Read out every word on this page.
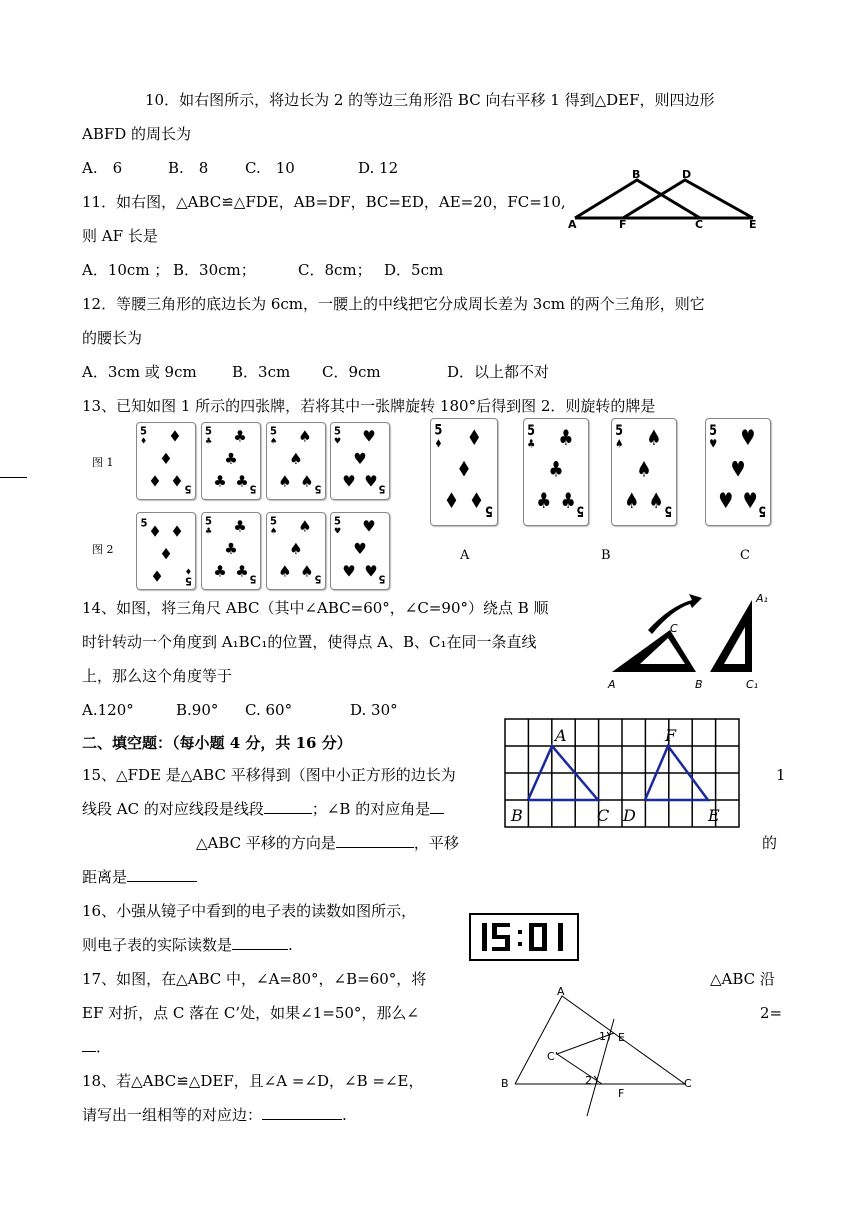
10．如右图所示，将边长为 2 的等边三角形沿 BC 向右平移 1 得到△DEF，则四边形
ABFD 的周长为
A.　6	B.　8 C.　10	D. 12
11．如右图，△ABC≌△FDE，AB=DF，BC=ED，AE=20，FC=10,
则 AF 长是
A．10cm ； B．30cm；	C．8cm； D．5cm
B	D
A	F	C	E
12．等腰三角形的底边长为 6cm，一腰上的中线把它分成周长差为 3cm 的两个三角形，则它
的腰长为
A．3cm 或 9cm B．3cm C．9cm	D．以上都不对
13、已知如图 1 所示的四张牌，若将其中一张牌旋转 180°后得到图 2．则旋转的牌是
图 1
图 2	A	B	C
5
♦ ♦
♦
♦ ♦ 5
5
♣ ♣
♣
♣ ♣ 5
5
♠ ♠
♠
♠ ♠ 5
5
♥ ♥
♥
♥ ♥ 5
5
♦
♦
♦
♦
♦
5	5
♣ ♣
♣
♣ ♣ 5
5
♠ ♠
♠
♠ ♠ 5
5
♥ ♥
♥
♥ ♥ 5
5
♦ ♦
♦
♦ ♦ 5
5
♣ ♣
♣
♣ ♣ 5
5
♠ ♠
♠
♠ ♠ 5
5
♥ ♥
♥
♥ ♥ 5
14、如图，将三角尺 ABC（其中∠ABC=60°，∠C=90°）绕点 B 顺
时针转动一个角度到 A₁BC₁的位置，使得点 A、B、C₁在同一条直线
上，那么这个角度等于
A.120°	B.90° C. 60°	D. 30°
A₁
C
A	B	C₁
二、填空题：（每小题 4 分，共 16 分）
15、△FDE 是△ABC 平移得到（图中小正方形的边长为	1
线段 AC 的对应线段是线段	；∠B 的对应角是
△ABC 平移的方向是	，平移	的
距离是
A	F
B	C D	E
16、小强从镜子中看到的电子表的读数如图所示，
则电子表的实际读数是	.
17、如图，在△ABC 中，∠A=80°，∠B=60°，将	△ABC 沿
EF 对折，点 C 落在 C’处，如果∠1=50°，那么∠	2=
．
A
1 E
C’
2
B
F
C
18、若△ABC≌△DEF，且∠A =∠D，∠B =∠E，
请写出一组相等的对应边：	.
